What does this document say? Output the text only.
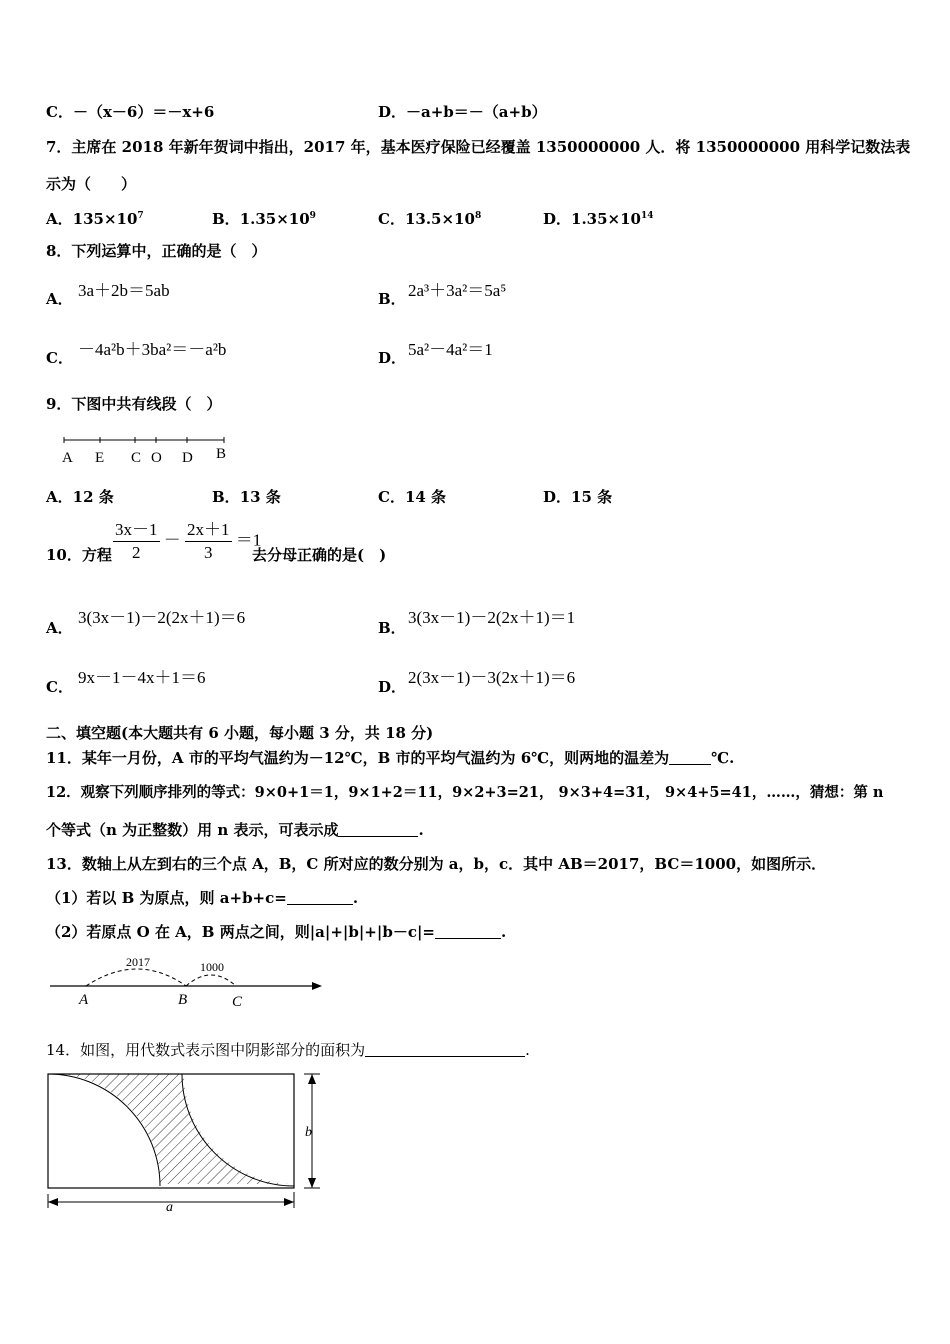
C．－（x－6）＝－x+6	D．－a+b＝－（a+b）
7．主席在 2018 年新年贺词中指出，2017 年，基本医疗保险已经覆盖 1350000000 人．将 1350000000 用科学记数法表
示为（　　）
A．$135\times 10^7$	B．$1.35\times 10^9$	C．$13.5\times 10^8$	D．$1.35\times 10^{14}$
8．下列运算中，正确的是（　）
A． 3a＋2b＝5ab	B． 2a³＋3a²＝5a⁵
C． －4a²b＋3ba²＝－a²b	D． 5a²－4a²＝1
9．下图中共有线段（　）
A E C O D B
A．12 条	B．13 条	C．14 条	D．15 条
10．方程 $\frac{3x-1}{2} - \frac{2x+1}{3} =1$
去分母正确的是(　)
A．
3(3x－1)－2(2x＋1)＝6
B．
3(3x－1)－2(2x＋1)＝1
C． 9x－1－4x＋1＝6	D． 2(3x－1)－3(2x＋1)＝6
二、填空题(本大题共有 6 小题，每小题 3 分，共 18 分)
11．某年一月份，A 市的平均气温约为－12℃，B 市的平均气温约为 6℃，则两地的温差为	℃.
12．观察下列顺序排列的等式：9×0+1＝1，9×1+2＝11，9×2+3=21， 9×3+4=31， 9×4+5=41，……，猜想：第 n
个等式（n 为正整数）用 n 表示，可表示成	.
13．数轴上从左到右的三个点 A，B，C 所对应的数分别为 a，b，c．其中 AB＝2017，BC＝1000，如图所示．
（1）若以 B 为原点，则 a+b+c=	.
（2）若原点 O 在 A，B 两点之间，则|a|+|b|+|b－c|=	.
2017	1000
A	B	C
14．如图，用代数式表示图中阴影部分的面积为	.
b
a
